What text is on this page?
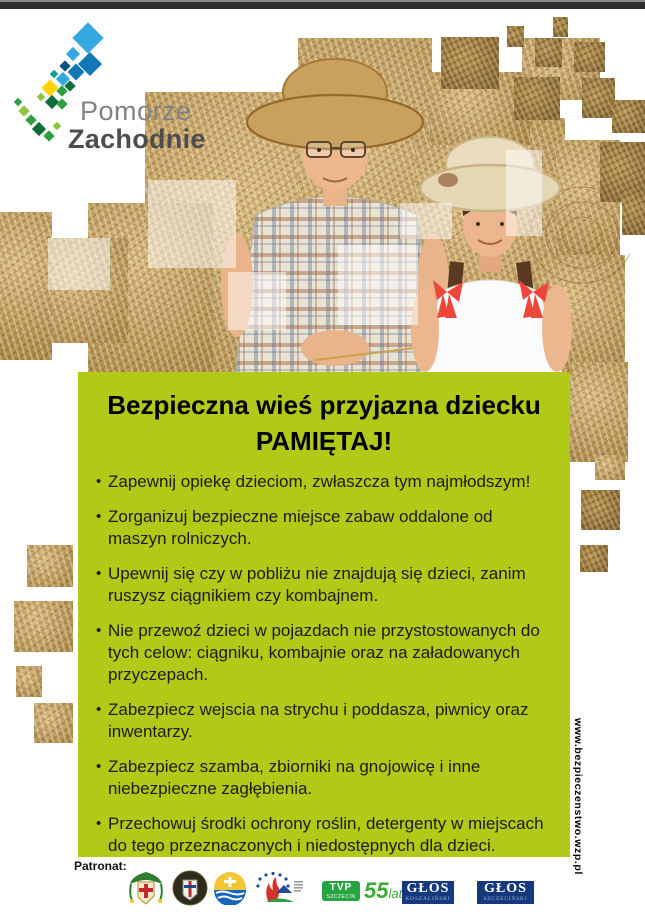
Pomorze
Zachodnie
Bezpieczna wieś przyjazna dziecku
PAMIĘTAJ!
• Zapewnij opiekę dzieciom, zwłaszcza tym najmłodszym!
• Zorganizuj bezpieczne miejsce zabaw oddalone od maszyn rolniczych.
• Upewnij się czy w pobliżu nie znajdują się dzieci, zanim ruszysz ciągnikiem czy kombajnem.
• Nie przewoź dzieci w pojazdach nie przystostowanych do tych celow: ciągniku, kombajnie oraz na załadowanych przyczepach.
• Zabezpiecz wejscia na strychu i poddasza, piwnicy oraz inwentarzy.
• Zabezpiecz szamba, zbiorniki na gnojowicę i inne niebezpieczne zagłębienia.
• Przechowuj środki ochrony roślin, detergenty w miejscach do tego przeznaczonych i niedostępnych dla dzieci.	www.bezpieczenstwo.wzp.pl
Patronat:
TVP
SZCZECIN 55lat GŁOS
KOSZALIŃSKI
GŁOS
SZCZECIŃSKI
